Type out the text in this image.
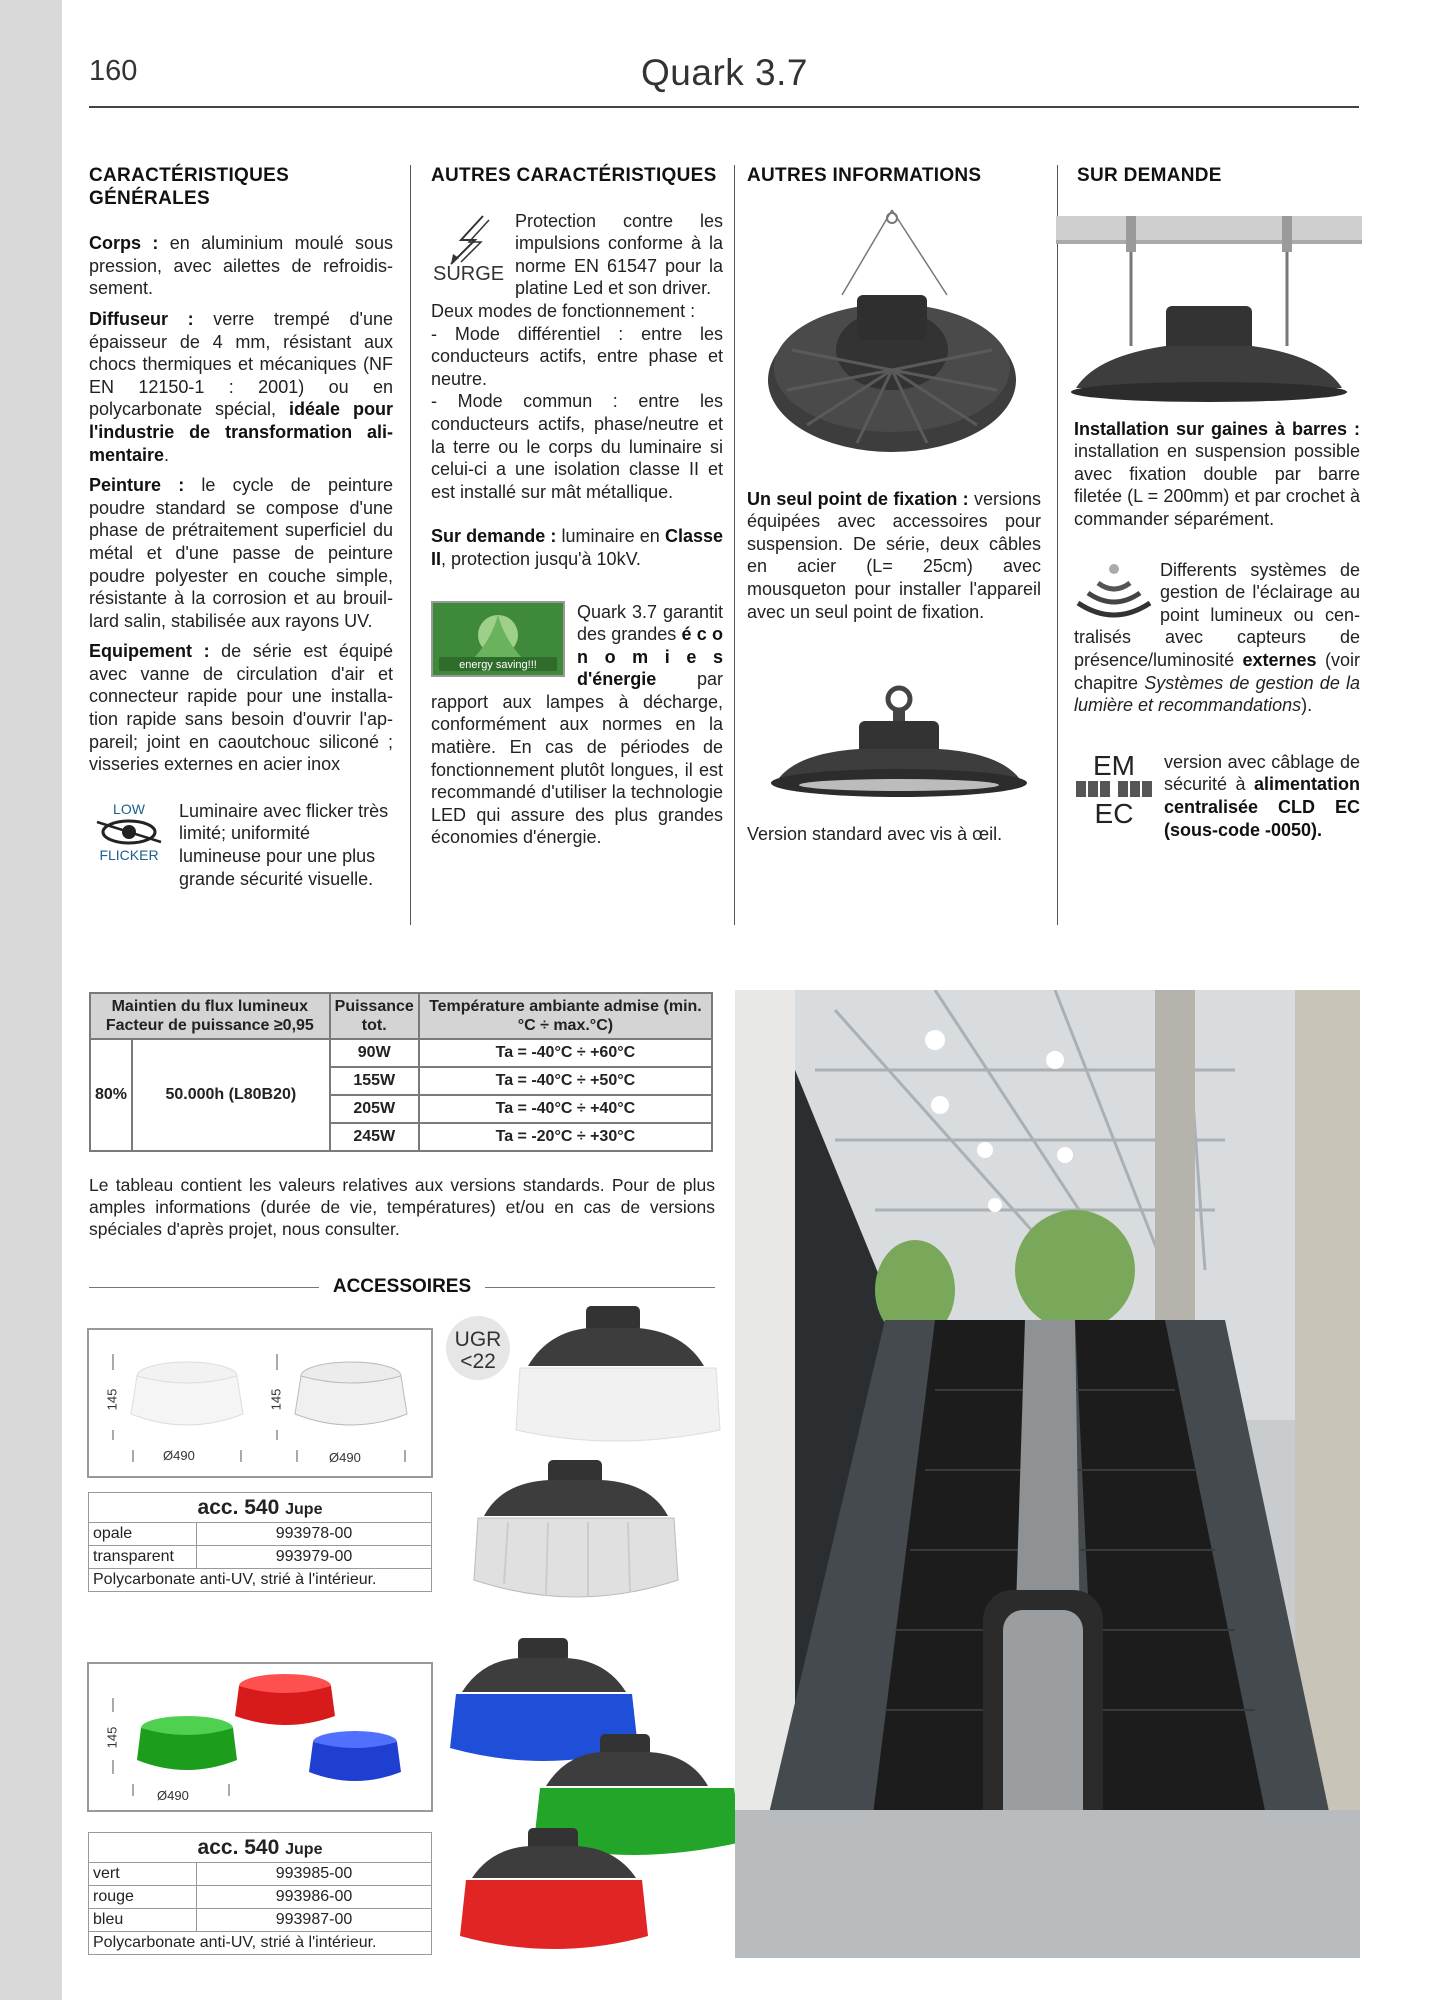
160	Quark 3.7
CARACTÉRISTIQUES GÉNÉRALES

Corps : en aluminium moulé sous pression, avec ailettes de refroidissement.

Diffuseur : verre trempé d'une épaisseur de 4 mm, résistant aux chocs thermiques et mécaniques (NF EN 12150-1 : 2001) ou en polycarbonate spécial, idéale pour l'industrie de transformation alimentaire.

Peinture : le cycle de peinture poudre standard se compose d'une phase de prétraitement superficiel du métal et d'une passe de peinture poudre polyester en couche simple, résistante à la corrosion et au brouillard salin, stabilisée aux rayons UV.

Equipement : de série est équipé avec vanne de circulation d'air et connecteur rapide pour une installation rapide sans besoin d'ouvrir l'appareil; joint en caoutchouc siliconé ; visseries externes en acier inox

LOW
FLICKER

Luminaire avec flicker très limité; uniformité lumineuse pour une plus grande sécurité visuelle.

AUTRES CARACTÉRISTIQUES
SURGE

Protection contre les impulsions conforme à la norme EN 61547 pour la platine Led et son driver.

Deux modes de fonctionnement :

- Mode différentiel : entre les conducteurs actifs, entre phase et neutre.

- Mode commun : entre les conducteurs actifs, phase/neutre et la terre ou le corps du luminaire si celui-ci a une isolation classe II et est installé sur mât métallique.

Sur demande : luminaire en Classe II, protection jusqu'à 10kV.

energy saving!!!

Quark 3.7 garantit des grandes é c o n o m i e s d'énergie par rapport aux lampes à décharge, conformément aux normes en la matière. En cas de périodes de fonctionnement plutôt longues, il est recommandé d'utiliser la technologie LED qui assure des plus grandes économies d'énergie.

AUTRES INFORMATIONS

Un seul point de fixation : versions équipées avec accessoires pour suspension. De série, deux câbles en acier (L= 25cm) avec mousqueton pour installer l'appareil avec un seul point de fixation.

Version standard avec vis à œil.

SUR DEMANDE

Installation sur gaines à barres : installation en suspension possible avec fixation double par barre filetée (L = 200mm) et par crochet à commander séparément.

Differents systèmes de gestion de l'éclairage au point lumineux ou centralisés avec capteurs de présence/luminosité externes (voir chapitre Systèmes de gestion de la lumière et recommandations).

EM
EC

version avec câblage de sécurité à alimentation centralisée CLD EC (sous-code -0050).

Maintien du flux lumineux Facteur de puissance ≥0,95		Puissance tot.	Température ambiante admise (min.°C ÷ max.°C)
80%	50.000h (L80B20)	90W	Ta = -40°C ÷ +60°C
		155W	Ta = -40°C ÷ +50°C
		205W	Ta = -40°C ÷ +40°C
		245W	Ta = -20°C ÷ +30°C

Le tableau contient les valeurs relatives aux versions standards. Pour de plus amples informations (durée de vie, températures) et/ou en cas de versions spéciales d'après projet, nous consulter.

ACCESSOIRES
145	145
Ø490	Ø490
acc. 540 Jupe	
opale	993978-00
transparent	993979-00
Polycarbonate anti-UV, strié à l'intérieur.	
UGR
<22
145
Ø490
acc. 540 Jupe	
vert	993985-00
rouge	993986-00
bleu	993987-00
Polycarbonate anti-UV, strié à l'intérieur.	
